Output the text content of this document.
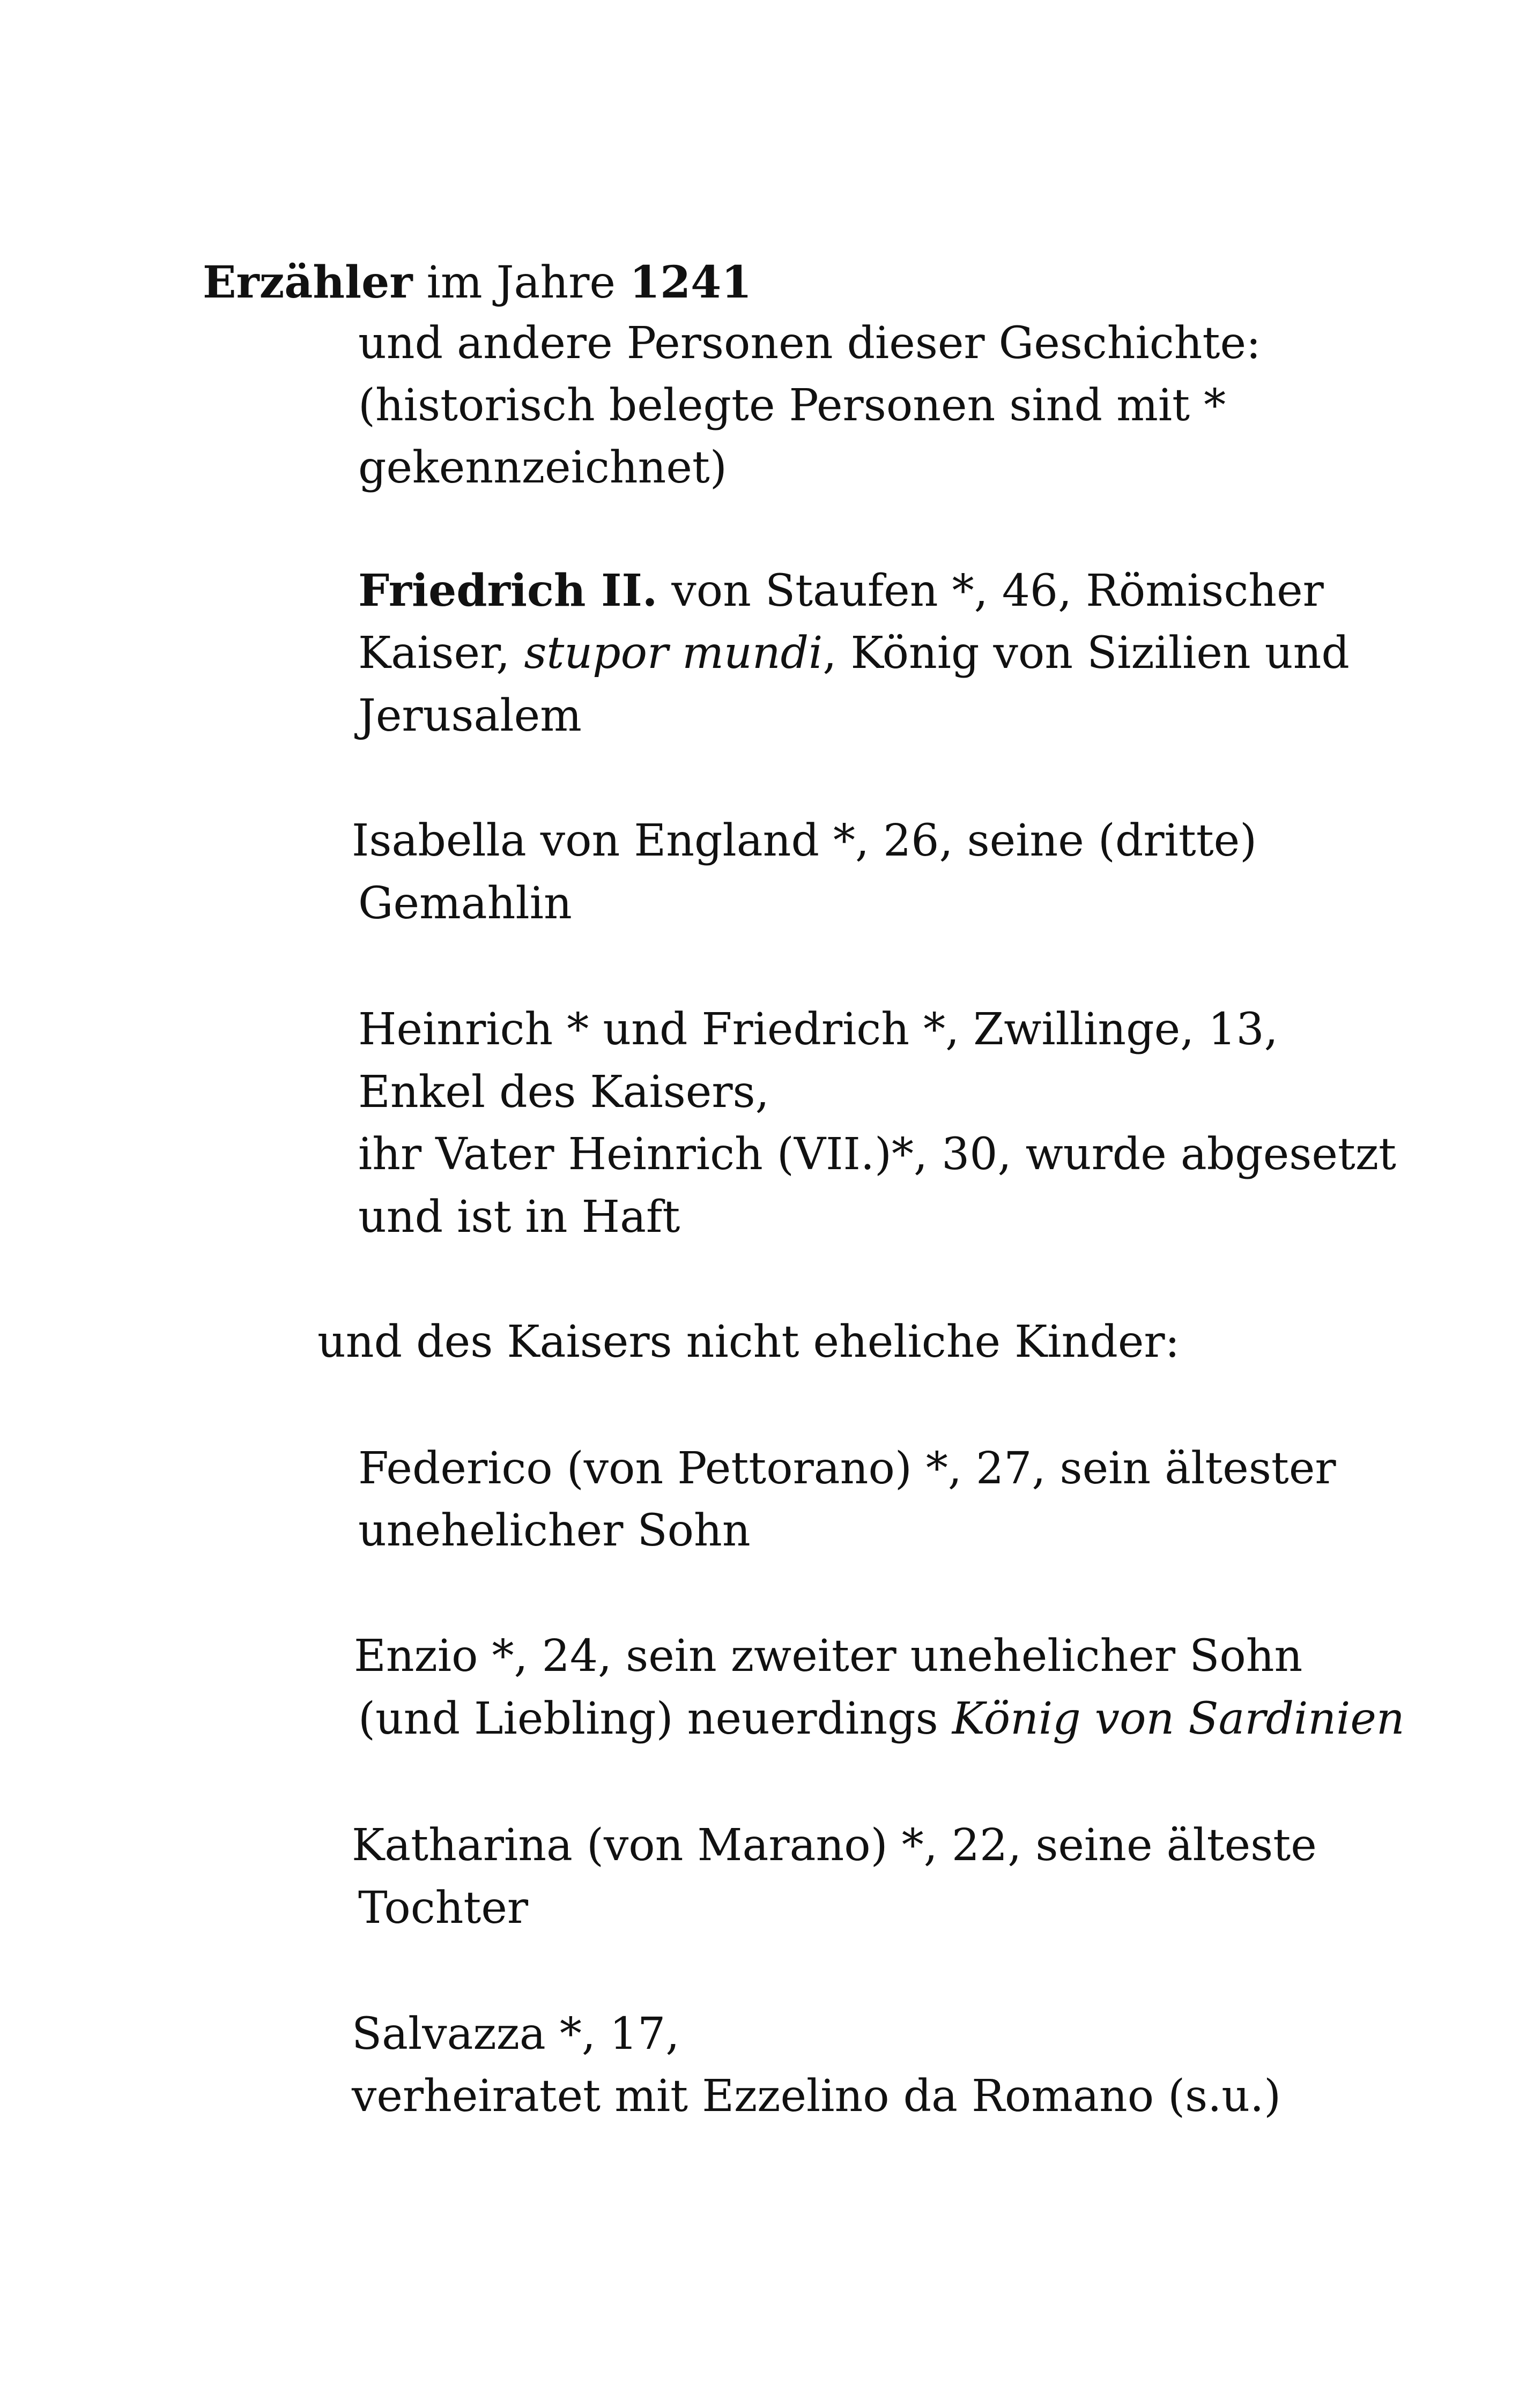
Erzähler im Jahre 1241
und andere Personen dieser Geschichte:
(historisch belegte Personen sind mit *
gekennzeichnet)
Friedrich II. von Staufen *, 46, Römischer
Kaiser, stupor mundi, König von Sizilien und
Jerusalem
Isabella von England *, 26, seine (dritte)
Gemahlin
Heinrich * und Friedrich *, Zwillinge, 13,
Enkel des Kaisers,
ihr Vater Heinrich (VII.)*, 30, wurde abgesetzt
und ist in Haft
und des Kaisers nicht eheliche Kinder:
Federico (von Pettorano) *, 27, sein ältester
unehelicher Sohn
Enzio *, 24, sein zweiter unehelicher Sohn
(und Liebling) neuerdings König von Sardinien
Katharina (von Marano) *, 22, seine älteste
Tochter
Salvazza *, 17,
verheiratet mit Ezzelino da Romano (s.u.)
